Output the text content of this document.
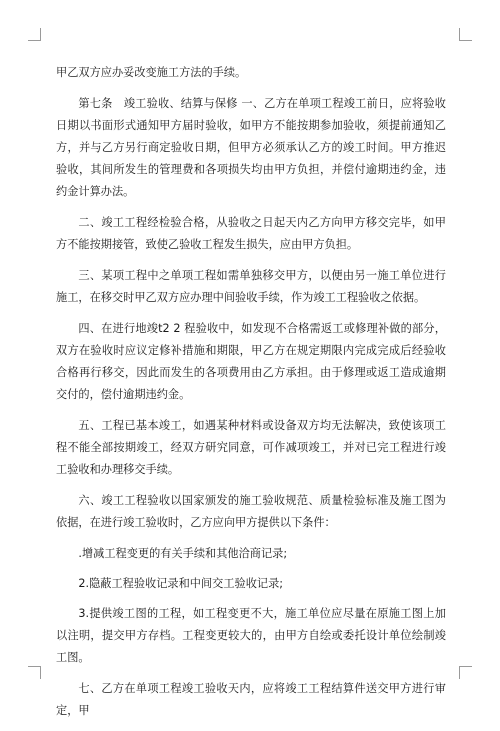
甲乙双方应办妥改变施工方法的手续。

第七条　竣工验收、结算与保修 一、乙方在单项工程竣工前日，应将验收日期以书面形式通知甲方届时验收，如甲方不能按期参加验收，须提前通知乙方，并与乙方另行商定验收日期，但甲方必须承认乙方的竣工时间。甲方推迟验收，其间所发生的管理费和各项损失均由甲方负担，并偿付逾期违约金，违约金计算办法。

二、竣工工程经检验合格，从验收之日起天内乙方向甲方移交完毕，如甲方不能按期接管，致使乙验收工程发生损失，应由甲方负担。

三、某项工程中之单项工程如需单独移交甲方，以便由另一施工单位进行施工，在移交时甲乙双方应办理中间验收手续，作为竣工工程验收之依据。

四、在进行地竣t2 2 程验收中，如发现不合格需返工或修理补做的部分，双方在验收时应议定修补措施和期限，甲乙方在规定期限内完成完成后经验收合格再行移交，因此而发生的各项费用由乙方承担。由于修理或返工造成逾期交付的，偿付逾期违约金。

五、工程已基本竣工，如遇某种材料或设备双方均无法解决，致使该项工程不能全部按期竣工，经双方研究同意，可作减项竣工，并对已完工程进行竣工验收和办理移交手续。

六、竣工工程验收以国家颁发的施工验收规范、质量检验标准及施工图为依据，在进行竣工验收时，乙方应向甲方提供以下条件：

.增减工程变更的有关手续和其他洽商记录;

2.隐蔽工程验收记录和中间交工验收记录;

3.提供竣工图的工程，如工程变更不大，施工单位应尽量在原施工图上加以注明，提交甲方存档。工程变更较大的，由甲方自绘或委托设计单位绘制竣工图。

七、乙方在单项工程竣工验收天内，应将竣工工程结算件送交甲方进行审定，甲
